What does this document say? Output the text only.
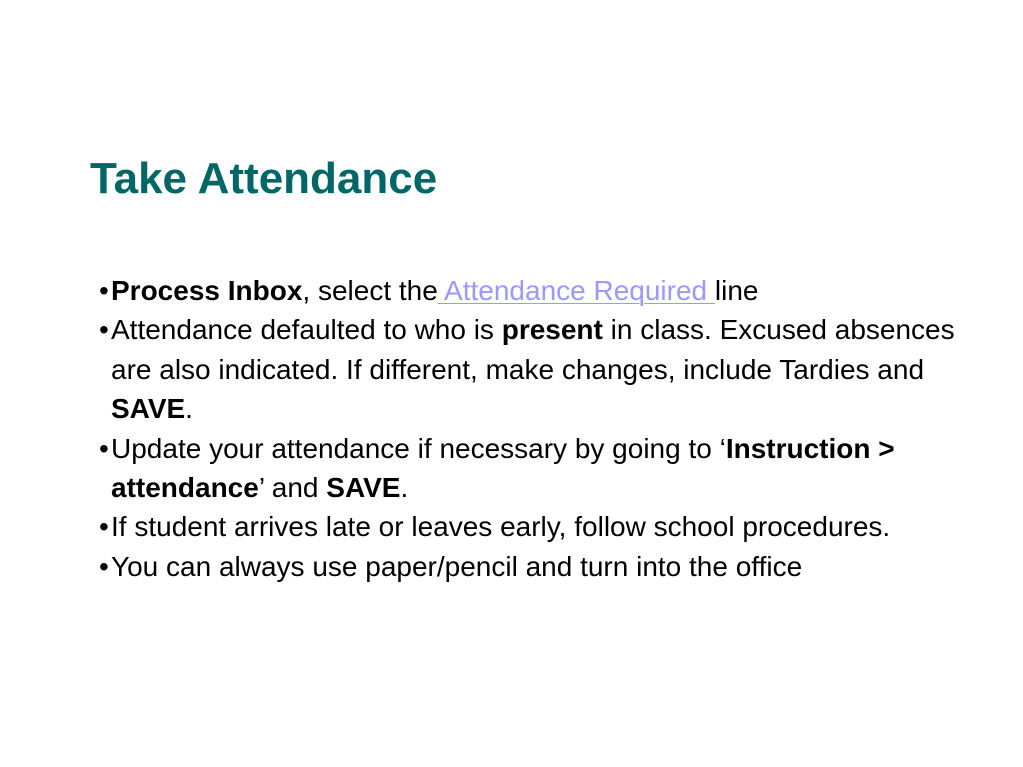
Take Attendance
• Process Inbox, select the Attendance Required line
• Attendance defaulted to who is present in class. Excused absences are also indicated. If different, make changes, include Tardies and SAVE.
• Update your attendance if necessary by going to ‘Instruction > attendance’ and SAVE.
• If student arrives late or leaves early, follow school procedures.
• You can always use paper/pencil and turn into the office
